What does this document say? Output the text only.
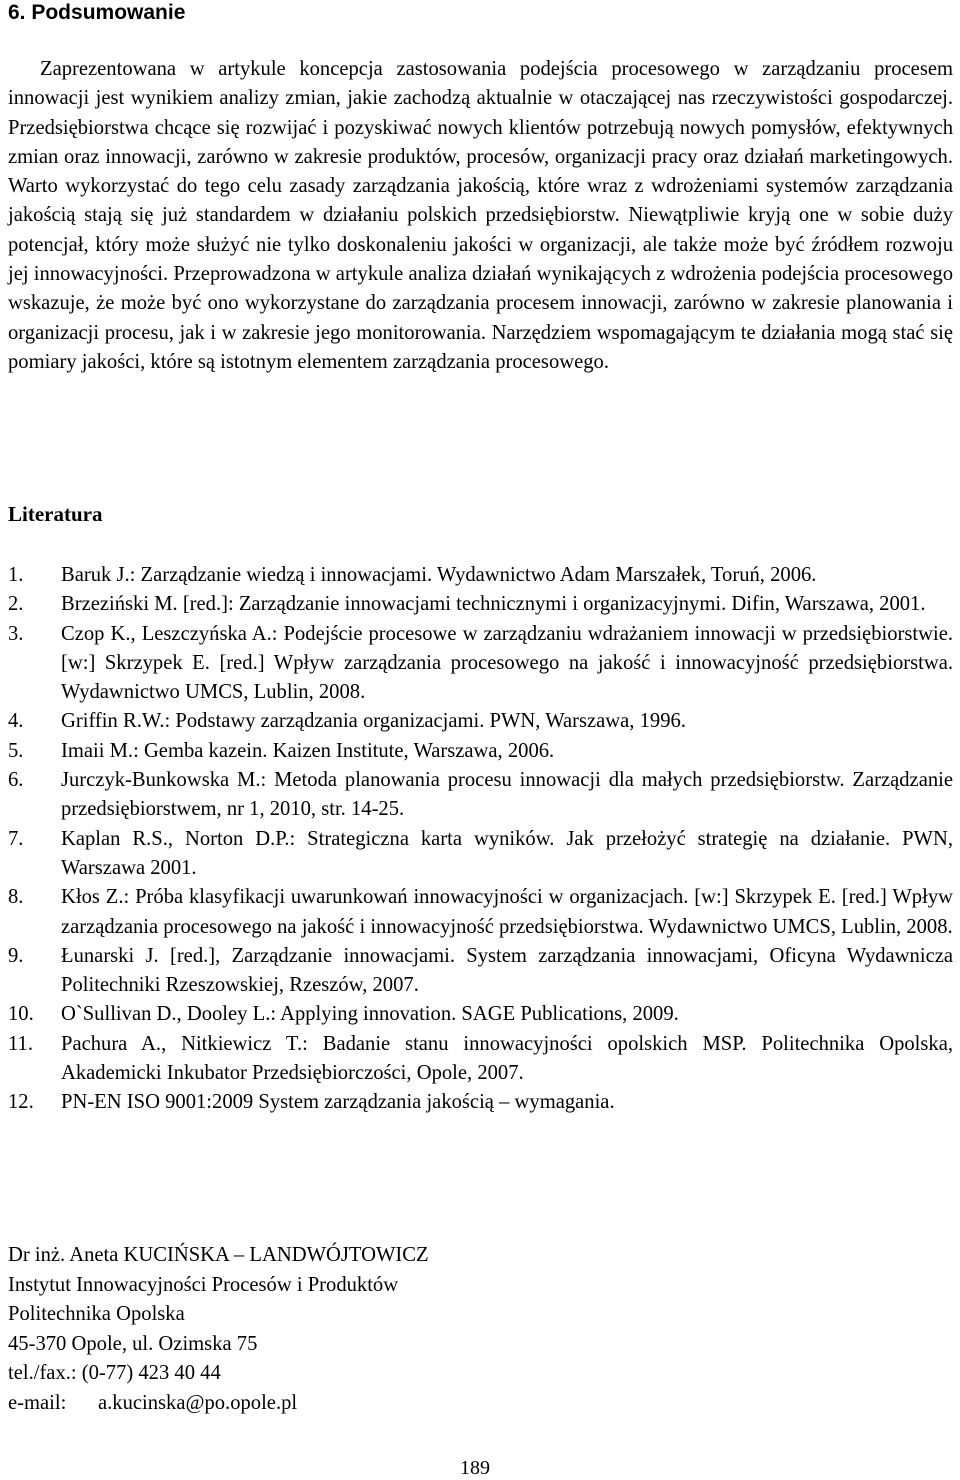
6. Podsumowanie

Zaprezentowana w artykule koncepcja zastosowania podejścia procesowego w zarządzaniu procesem innowacji jest wynikiem analizy zmian, jakie zachodzą aktualnie w otaczającej nas rzeczywistości gospodarczej. Przedsiębiorstwa chcące się rozwijać i pozyskiwać nowych klientów potrzebują nowych pomysłów, efektywnych zmian oraz innowacji, zarówno w zakresie produktów, procesów, organizacji pracy oraz działań marketingowych. Warto wykorzystać do tego celu zasady zarządzania jakością, które wraz z wdrożeniami systemów zarządzania jakością stają się już standardem w działaniu polskich przedsiębiorstw. Niewątpliwie kryją one w sobie duży potencjał, który może służyć nie tylko doskonaleniu jakości w organizacji, ale także może być źródłem rozwoju jej innowacyjności. Przeprowadzona w artykule analiza działań wynikających z wdrożenia podejścia procesowego wskazuje, że może być ono wykorzystane do zarządzania procesem innowacji, zarówno w zakresie planowania i organizacji procesu, jak i w zakresie jego monitorowania. Narzędziem wspomagającym te działania mogą stać się pomiary jakości, które są istotnym elementem zarządzania procesowego.

Literatura
1. Baruk J.: Zarządzanie wiedzą i innowacjami. Wydawnictwo Adam Marszałek, Toruń, 2006.
2. Brzeziński M. [red.]: Zarządzanie innowacjami technicznymi i organizacyjnymi. Difin, Warszawa, 2001.
3. Czop K., Leszczyńska A.: Podejście procesowe w zarządzaniu wdrażaniem innowacji w przedsiębiorstwie. [w:] Skrzypek E. [red.] Wpływ zarządzania procesowego na jakość i innowacyjność przedsiębiorstwa. Wydawnictwo UMCS, Lublin, 2008.
4. Griffin R.W.: Podstawy zarządzania organizacjami. PWN, Warszawa, 1996.
5. Imaii M.: Gemba kazein. Kaizen Institute, Warszawa, 2006.
6. Jurczyk-Bunkowska M.: Metoda planowania procesu innowacji dla małych przedsiębiorstw. Zarządzanie przedsiębiorstwem, nr 1, 2010, str. 14-25.
7. Kaplan R.S., Norton D.P.: Strategiczna karta wyników. Jak przełożyć strategię na działanie. PWN, Warszawa 2001.
8. Kłos Z.: Próba klasyfikacji uwarunkowań innowacyjności w organizacjach. [w:] Skrzypek E. [red.] Wpływ zarządzania procesowego na jakość i innowacyjność przedsiębiorstwa. Wydawnictwo UMCS, Lublin, 2008.
9. Łunarski J. [red.], Zarządzanie innowacjami. System zarządzania innowacjami, Oficyna Wydawnicza Politechniki Rzeszowskiej, Rzeszów, 2007.
10. O`Sullivan D., Dooley L.: Applying innovation. SAGE Publications, 2009.
11. Pachura A., Nitkiewicz T.: Badanie stanu innowacyjności opolskich MSP. Politechnika Opolska, Akademicki Inkubator Przedsiębiorczości, Opole, 2007.
12. PN-EN ISO 9001:2009 System zarządzania jakością – wymagania.
Dr inż. Aneta KUCIŃSKA – LANDWÓJTOWICZ
Instytut Innowacyjności Procesów i Produktów
Politechnika Opolska
45-370 Opole, ul. Ozimska 75
tel./fax.: (0-77) 423 40 44
e-mail: a.kucinska@po.opole.pl
189
